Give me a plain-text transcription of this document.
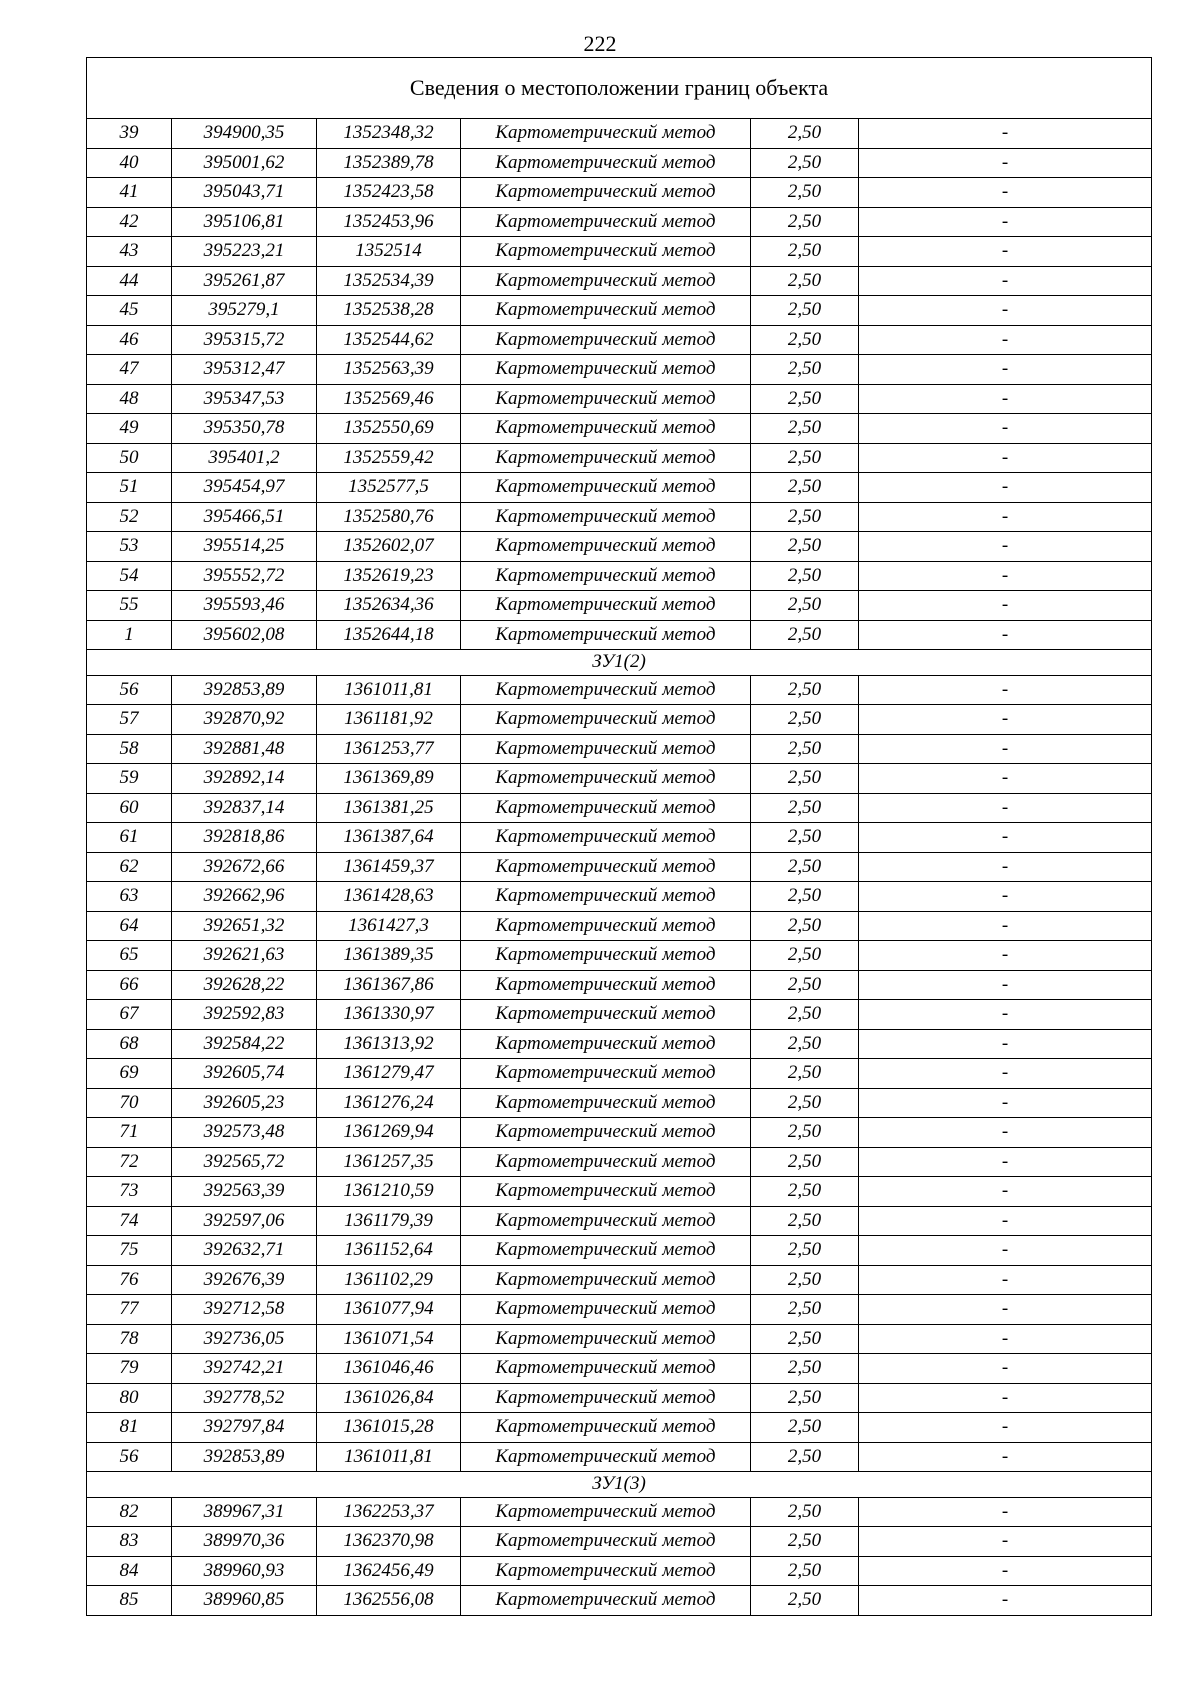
222
Сведения о местоположении границ объекта					
39	394900,35	1352348,32	Картометрический метод	2,50	-
40	395001,62	1352389,78	Картометрический метод	2,50	-
41	395043,71	1352423,58	Картометрический метод	2,50	-
42	395106,81	1352453,96	Картометрический метод	2,50	-
43	395223,21	1352514	Картометрический метод	2,50	-
44	395261,87	1352534,39	Картометрический метод	2,50	-
45	395279,1	1352538,28	Картометрический метод	2,50	-
46	395315,72	1352544,62	Картометрический метод	2,50	-
47	395312,47	1352563,39	Картометрический метод	2,50	-
48	395347,53	1352569,46	Картометрический метод	2,50	-
49	395350,78	1352550,69	Картометрический метод	2,50	-
50	395401,2	1352559,42	Картометрический метод	2,50	-
51	395454,97	1352577,5	Картометрический метод	2,50	-
52	395466,51	1352580,76	Картометрический метод	2,50	-
53	395514,25	1352602,07	Картометрический метод	2,50	-
54	395552,72	1352619,23	Картометрический метод	2,50	-
55	395593,46	1352634,36	Картометрический метод	2,50	-
1	395602,08	1352644,18	Картометрический метод	2,50	-
ЗУ1(2)					
56	392853,89	1361011,81	Картометрический метод	2,50	-
57	392870,92	1361181,92	Картометрический метод	2,50	-
58	392881,48	1361253,77	Картометрический метод	2,50	-
59	392892,14	1361369,89	Картометрический метод	2,50	-
60	392837,14	1361381,25	Картометрический метод	2,50	-
61	392818,86	1361387,64	Картометрический метод	2,50	-
62	392672,66	1361459,37	Картометрический метод	2,50	-
63	392662,96	1361428,63	Картометрический метод	2,50	-
64	392651,32	1361427,3	Картометрический метод	2,50	-
65	392621,63	1361389,35	Картометрический метод	2,50	-
66	392628,22	1361367,86	Картометрический метод	2,50	-
67	392592,83	1361330,97	Картометрический метод	2,50	-
68	392584,22	1361313,92	Картометрический метод	2,50	-
69	392605,74	1361279,47	Картометрический метод	2,50	-
70	392605,23	1361276,24	Картометрический метод	2,50	-
71	392573,48	1361269,94	Картометрический метод	2,50	-
72	392565,72	1361257,35	Картометрический метод	2,50	-
73	392563,39	1361210,59	Картометрический метод	2,50	-
74	392597,06	1361179,39	Картометрический метод	2,50	-
75	392632,71	1361152,64	Картометрический метод	2,50	-
76	392676,39	1361102,29	Картометрический метод	2,50	-
77	392712,58	1361077,94	Картометрический метод	2,50	-
78	392736,05	1361071,54	Картометрический метод	2,50	-
79	392742,21	1361046,46	Картометрический метод	2,50	-
80	392778,52	1361026,84	Картометрический метод	2,50	-
81	392797,84	1361015,28	Картометрический метод	2,50	-
56	392853,89	1361011,81	Картометрический метод	2,50	-
ЗУ1(3)					
82	389967,31	1362253,37	Картометрический метод	2,50	-
83	389970,36	1362370,98	Картометрический метод	2,50	-
84	389960,93	1362456,49	Картометрический метод	2,50	-
85	389960,85	1362556,08	Картометрический метод	2,50	-
